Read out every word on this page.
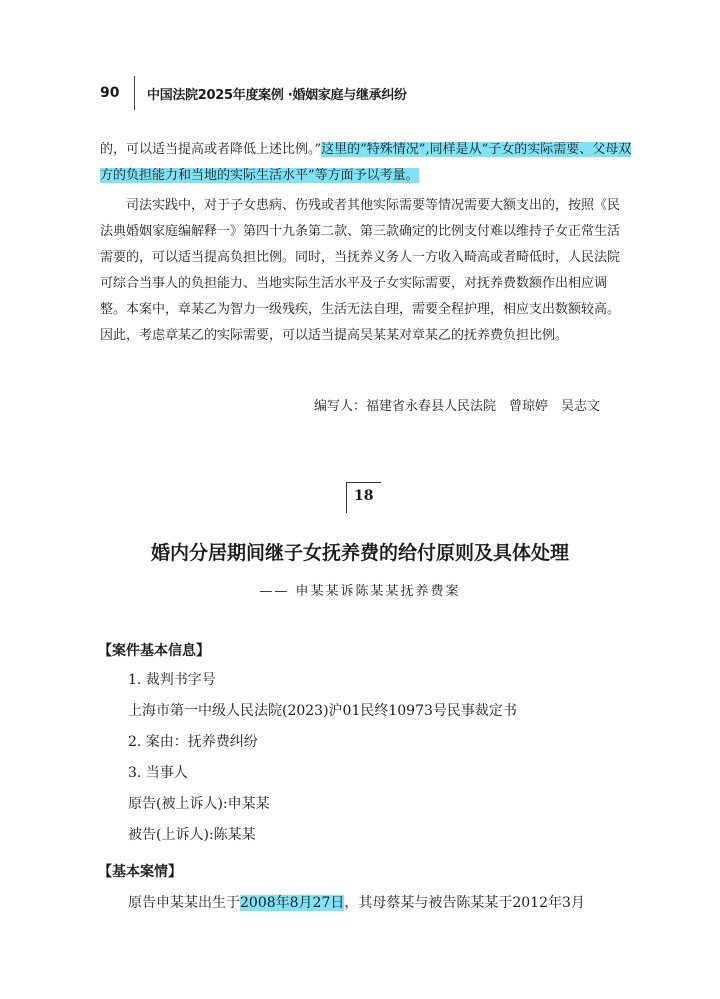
90	中国法院2025年度案例 ·婚姻家庭与继承纠纷

的，可以适当提高或者降低上述比例。”这里的“特殊情况”,同样是从“子女的实际需要、父母双方的负担能力和当地的实际生活水平”等方面予以考量。

司法实践中，对于子女患病、伤残或者其他实际需要等情况需要大额支出的，按照《民法典婚姻家庭编解释一》第四十九条第二款、第三款确定的比例支付难以维持子女正常生活需要的，可以适当提高负担比例。同时，当抚养义务人一方收入畸高或者畸低时，人民法院可综合当事人的负担能力、当地实际生活水平及子女实际需要，对抚养费数额作出相应调整。本案中，章某乙为智力一级残疾，生活无法自理，需要全程护理，相应支出数额较高。因此，考虑章某乙的实际需要，可以适当提高吴某某对章某乙的抚养费负担比例。

编写人：福建省永春县人民法院　曾琼婷　吴志文
18
婚内分居期间继子女抚养费的给付原则及具体处理
—— 申某某诉陈某某抚养费案
【案件基本信息】
1. 裁判书字号
上海市第一中级人民法院(2023)沪01民终10973号民事裁定书
2. 案由：抚养费纠纷
3. 当事人
原告(被上诉人):申某某
被告(上诉人):陈某某
【基本案情】
原告申某某出生于2008年8月27日，其母蔡某与被告陈某某于2012年3月
